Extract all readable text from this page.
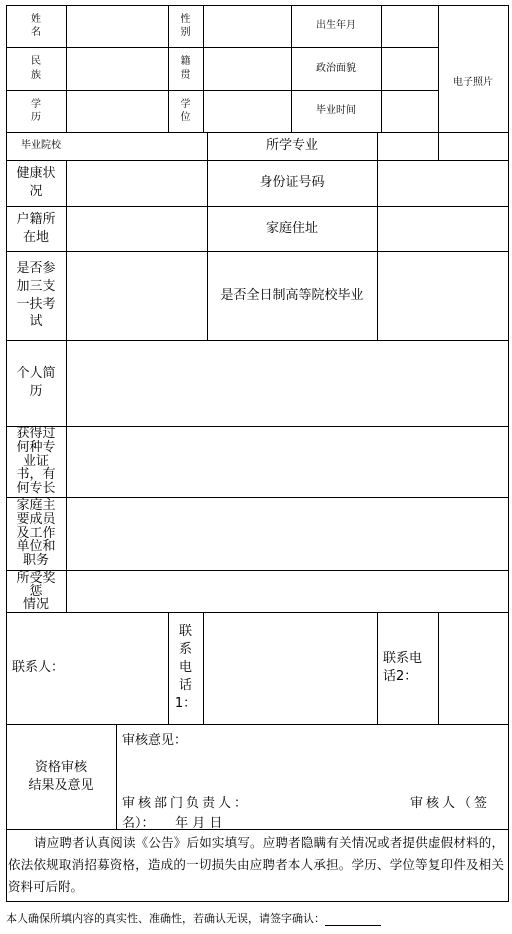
姓 名
性
别
出生年月
电子照片
民 族
籍
贯
政治面貌
学 历
学
位
毕业时间
毕业院校	所学专业
健康状
况
身份证号码
户籍所
在地
家庭住址
是否参
加三支
一扶考
试
是否全日制高等院校毕业
个人简
历
获得过
何种专
业证
书，有
何专长
家庭主
要成员
及工作
单位和
职务
所受奖
惩
情况
联系人：
联
系
电
话
1：
联系电
话2：
资格审核
结果及意见
审核意见：
审核部门负责人：	审核人（签
名）：     年 月 日
请应聘者认真阅读《公告》后如实填写。应聘者隐瞒有关情况或者提供虚假材料的，依法依规取消招募资格，造成的一切损失由应聘者本人承担。学历、学位等复印件及相关资料可后附。
本人确保所填内容的真实性、准确性，若确认无误，请签字确认：
